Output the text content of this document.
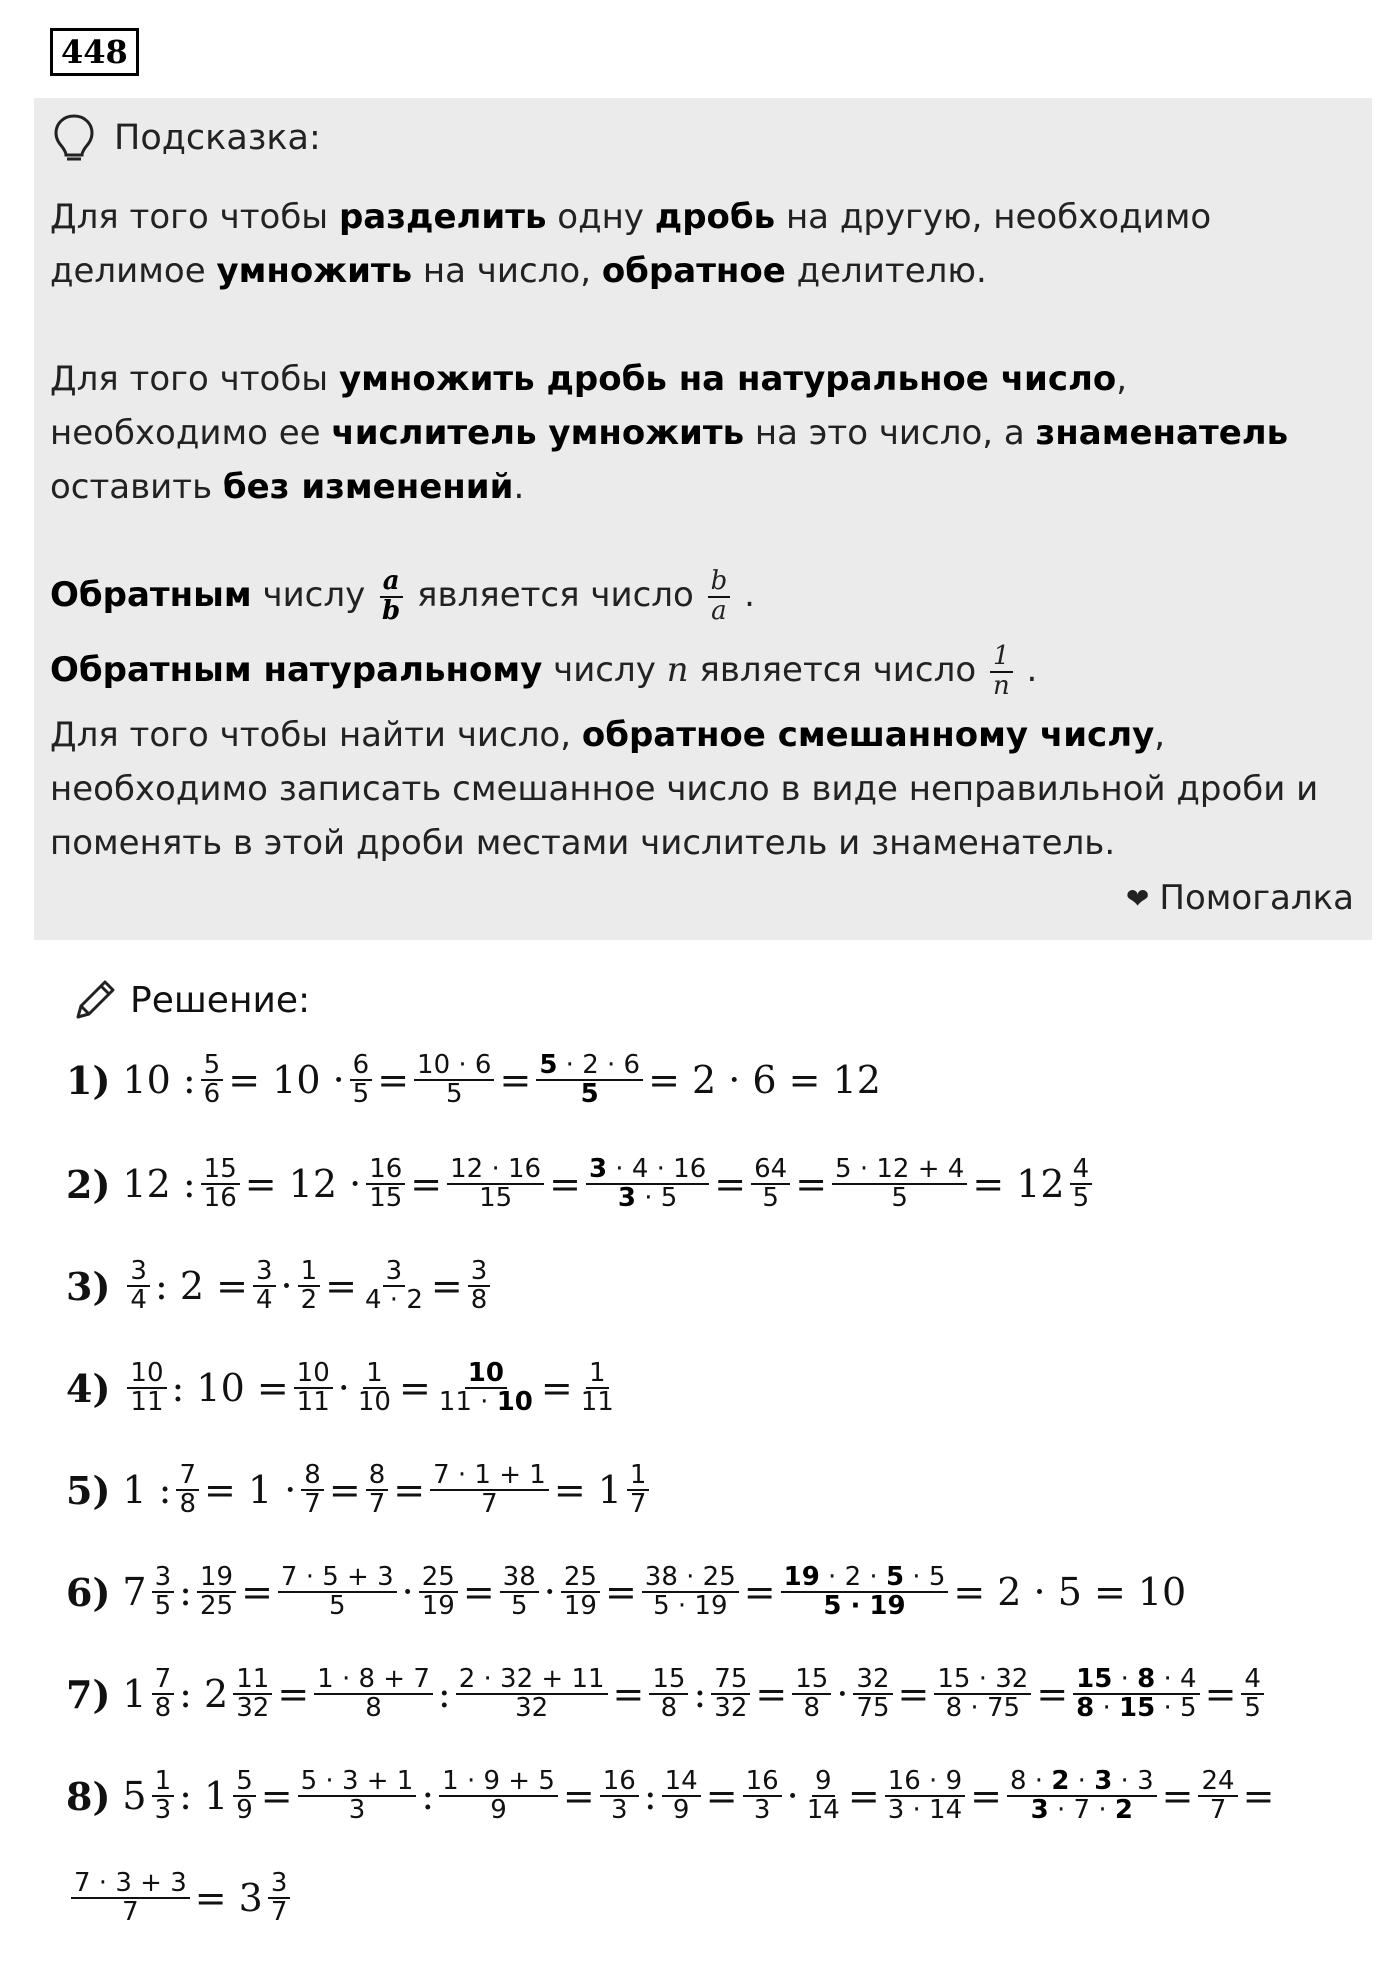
448
Подсказка:

Для того чтобы разделить одну дробь на другую, необходимо делимое умножить на число, обратное делителю.

Для того чтобы умножить дробь на натуральное число, необходимо ее числитель умножить на это число, а знаменатель оставить без изменений.

Обратным числу $\frac{a}{b}$ является число $\frac{b}{a}$ .

Обратным натуральному числу n является число $\frac{1}{n}$ .

Для того чтобы найти число, обратное смешанному числу, необходимо записать смешанное число в виде неправильной дроби и поменять в этой дроби местами числитель и знаменатель.

❤ Помогалка
Решение:
1) 10 : $\frac{5}{6} = 10 \cdot \frac{6}{5} = \frac{10 \cdot 6}{5} = \frac{5 \cdot 2 \cdot 6}{5} = 2 \cdot 6 = 12$
2) 12 : $\frac{15}{16} = 12 \cdot \frac{16}{15} = \frac{12 \cdot 16}{15} = \frac{3 \cdot 4 \cdot 16}{3 \cdot 5} = \frac{64}{5} = \frac{5 \cdot 12 + 4}{5} = 12 \frac{4}{5}$
$3) \frac{3}{4}$ : $2 = \frac{3}{4} \cdot \frac{1}{2} = \frac{3}{4 \cdot 2} = \frac{3}{8}$
$4) \frac{10}{11}$ : $10 = \frac{10}{11} \cdot \frac{1}{10} = \frac{10}{11 \cdot 10} = \frac{1}{11}$
5) 1 : $\frac{7}{8} = 1 \cdot \frac{8}{7} = \frac{8}{7} = \frac{7 \cdot 1 + 1}{7} = 1 \frac{1}{7}$
6) $7 \frac{3}{5}$ : $\frac{19}{25} = \frac{7 \cdot 5 + 3}{5} \cdot \frac{25}{19} = \frac{38}{5} \cdot \frac{25}{19} = \frac{38 \cdot 25}{5 \cdot 19} = \frac{19 \cdot 2 \cdot 5 \cdot 5}{5 \cdot 19} = 2 \cdot 5 = 10$
7) $1 \frac{7}{8}$ : $2 \frac{11}{32} = \frac{1 \cdot 8 + 7}{8}$ : $\frac{2 \cdot 32 + 11}{32} = \frac{15}{8}$ : $\frac{75}{32} = \frac{15}{8} \cdot \frac{32}{75} = \frac{15 \cdot 32}{8 \cdot 75} = \frac{15 \cdot 8 \cdot 4}{8 \cdot 15 \cdot 5} = \frac{4}{5}$
8) $5 \frac{1}{3}$ : $1 \frac{5}{9} = \frac{5 \cdot 3 + 1}{3}$ : $\frac{1 \cdot 9 + 5}{9} = \frac{16}{3}$ : $\frac{14}{9} = \frac{16}{3} \cdot \frac{9}{14} = \frac{16 \cdot 9}{3 \cdot 14} = \frac{8 \cdot 2 \cdot 3 \cdot 3}{3 \cdot 7 \cdot 2} = \frac{24}{7}$ =
$\frac{7 \cdot 3 + 3}{7} = 3 \frac{3}{7}$
